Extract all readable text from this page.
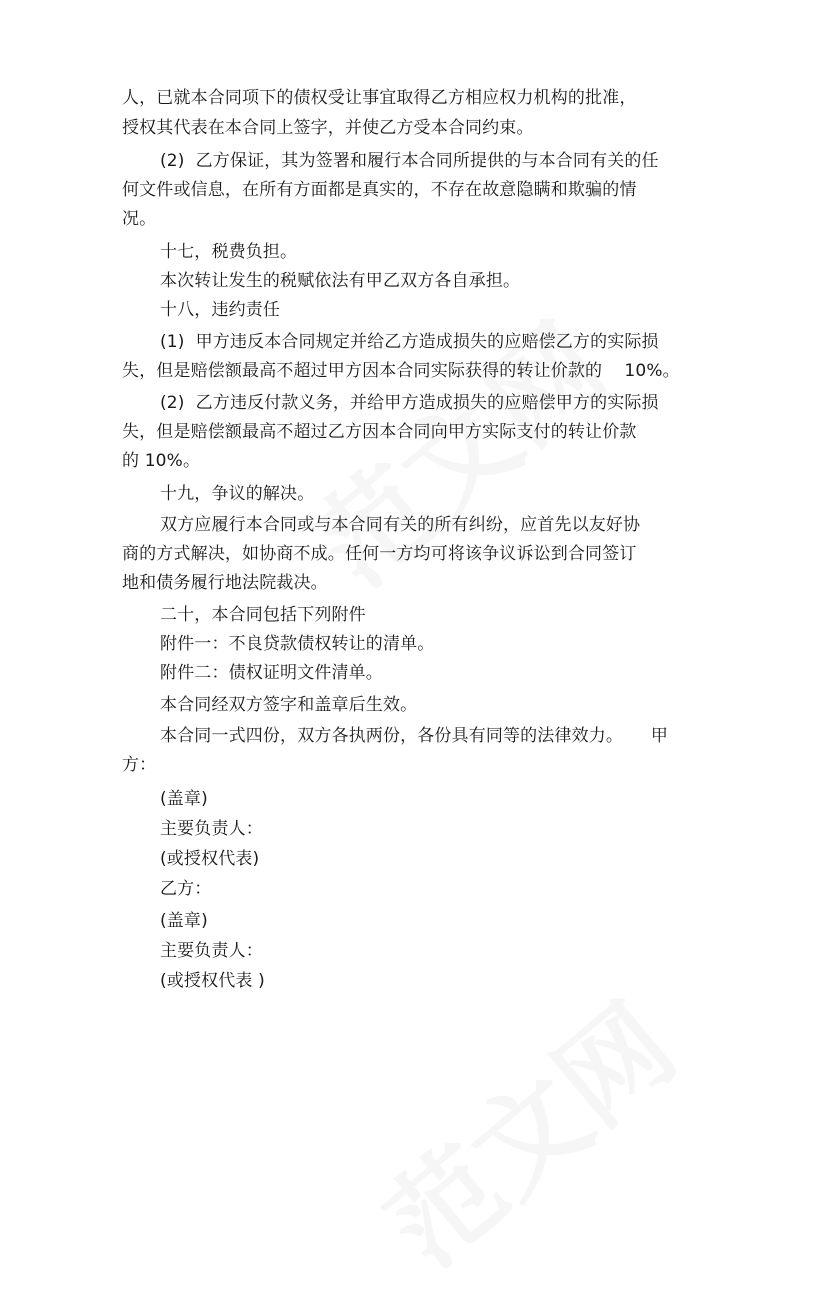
人，已就本合同项下的债权受让事宜取得乙方相应权力机构的批准，
授权其代表在本合同上签字，并使乙方受本合同约束。
(2)  乙方保证，其为签署和履行本合同所提供的与本合同有关的任
何文件或信息，在所有方面都是真实的，不存在故意隐瞒和欺骗的情
况。
十七，税费负担。
本次转让发生的税赋依法有甲乙双方各自承担。
十八，违约责任
(1)  甲方违反本合同规定并给乙方造成损失的应赔偿乙方的实际损
失，但是赔偿额最高不超过甲方因本合同实际获得的转让价款的    10%。
(2)  乙方违反付款义务，并给甲方造成损失的应赔偿甲方的实际损
失，但是赔偿额最高不超过乙方因本合同向甲方实际支付的转让价款
的 10%。
十九，争议的解决。
双方应履行本合同或与本合同有关的所有纠纷，应首先以友好协
商的方式解决，如协商不成。任何一方均可将该争议诉讼到合同签订
地和债务履行地法院裁决。
二十，本合同包括下列附件
附件一：不良贷款债权转让的清单。
附件二：债权证明文件清单。
本合同经双方签字和盖章后生效。
本合同一式四份，双方各执两份，各份具有同等的法律效力。     甲
方：
(盖章)
主要负责人：
(或授权代表)
乙方：
(盖章)
主要负责人：
(或授权代表 )
